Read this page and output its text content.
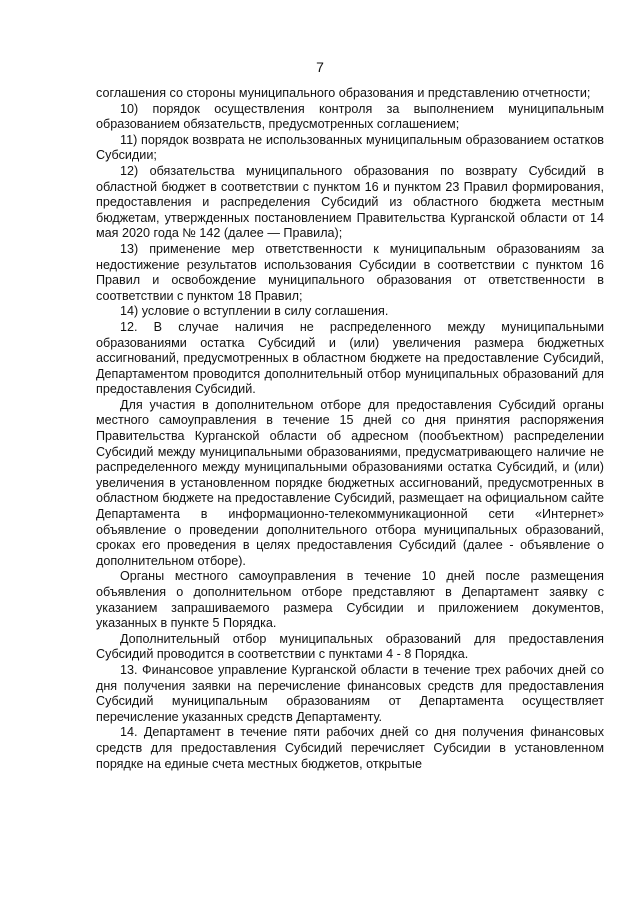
7

соглашения со стороны муниципального образования и представлению отчетности;

10) порядок осуществления контроля за выполнением муниципальным образованием обязательств, предусмотренных соглашением;

11) порядок возврата не использованных муниципальным образованием остатков Субсидии;

12) обязательства муниципального образования по возврату Субсидий в областной бюджет в соответствии с пунктом 16 и пунктом 23 Правил формирования, предоставления и распределения Субсидий из областного бюджета местным бюджетам, утвержденных постановлением Правительства Курганской области от 14 мая 2020 года № 142 (далее — Правила);

13) применение мер ответственности к муниципальным образованиям за недостижение результатов использования Субсидии в соответствии с пунктом 16 Правил и освобождение муниципального образования от ответственности в соответствии с пунктом 18 Правил;

14) условие о вступлении в силу соглашения.

12. В случае наличия не распределенного между муниципальными образованиями остатка Субсидий и (или) увеличения размера бюджетных ассигнований, предусмотренных в областном бюджете на предоставление Субсидий, Департаментом проводится дополнительный отбор муниципальных образований для предоставления Субсидий.

Для участия в дополнительном отборе для предоставления Субсидий органы местного самоуправления в течение 15 дней со дня принятия распоряжения Правительства Курганской области об адресном (пообъектном) распределении Субсидий между муниципальными образованиями, предусматривающего наличие не распределенного между муниципальными образованиями остатка Субсидий, и (или) увеличения в установленном порядке бюджетных ассигнований, предусмотренных в областном бюджете на предоставление Субсидий, размещает на официальном сайте Департамента в информационно-телекоммуникационной сети «Интернет» объявление о проведении дополнительного отбора муниципальных образований, сроках его проведения в целях предоставления Субсидий (далее - объявление о дополнительном отборе).

Органы местного самоуправления в течение 10 дней после размещения объявления о дополнительном отборе представляют в Департамент заявку с указанием запрашиваемого размера Субсидии и приложением документов, указанных в пункте 5 Порядка.

Дополнительный отбор муниципальных образований для предоставления Субсидий проводится в соответствии с пунктами 4 - 8 Порядка.

13. Финансовое управление Курганской области в течение трех рабочих дней со дня получения заявки на перечисление финансовых средств для предоставления Субсидий муниципальным образованиям от Департамента осуществляет перечисление указанных средств Департаменту.

14. Департамент в течение пяти рабочих дней со дня получения финансовых средств для предоставления Субсидий перечисляет Субсидии в установленном порядке на единые счета местных бюджетов, открытые
